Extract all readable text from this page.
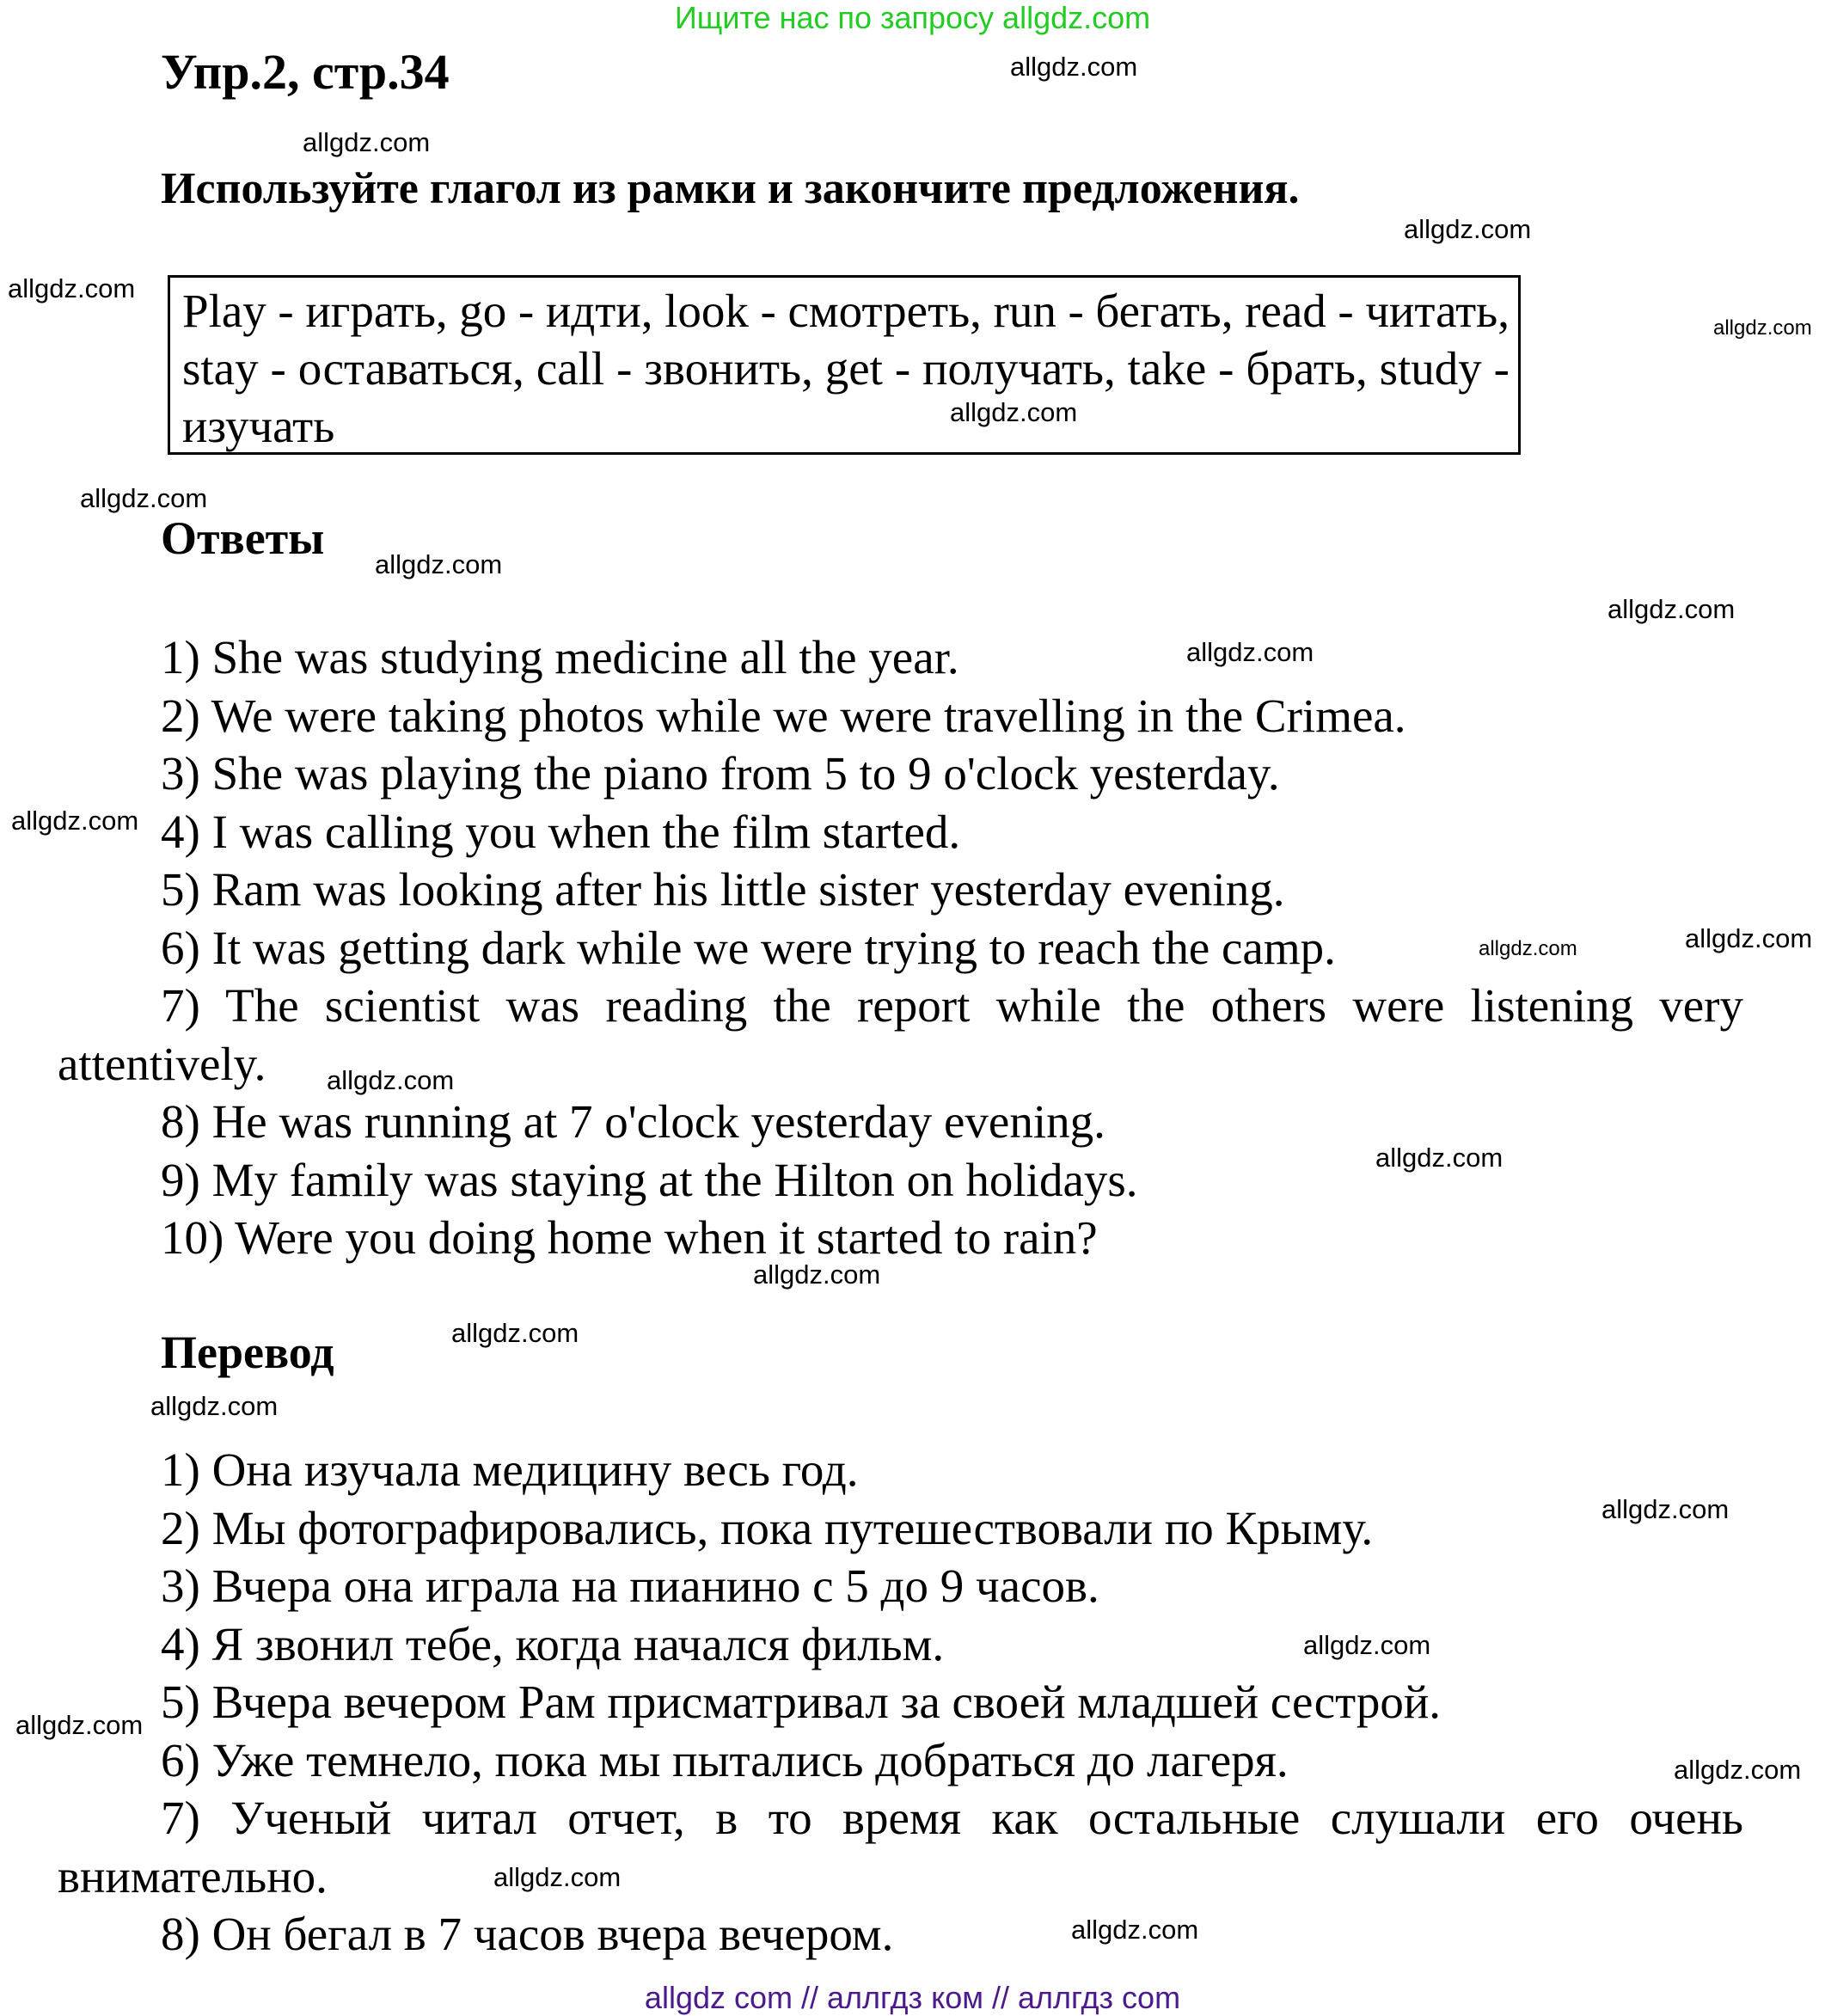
Ищите нас по запросу allgdz.com
Упр.2, стр.34
Используйте глагол из рамки и закончите предложения.
Play - играть, go - идти, look - смотреть, run - бегать, read - читать, stay - оставаться, call - звонить, get - получать, take - брать, study - изучать
Ответы
1) She was studying medicine all the year.
2) We were taking photos while we were travelling in the Crimea.
3) She was playing the piano from 5 to 9 o'clock yesterday.
4) I was calling you when the film started.
5) Ram was looking after his little sister yesterday evening.
6) It was getting dark while we were trying to reach the camp.
7) The scientist was reading the report while the others were listening very attentively.
8) He was running at 7 o'clock yesterday evening.
9) My family was staying at the Hilton on holidays.
10) Were you doing home when it started to rain?
Перевод
1) Она изучала медицину весь год.
2) Мы фотографировались, пока путешествовали по Крыму.
3) Вчера она играла на пианино с 5 до 9 часов.
4) Я звонил тебе, когда начался фильм.
5) Вчера вечером Рам присматривал за своей младшей сестрой.
6) Уже темнело, пока мы пытались добраться до лагеря.
7) Ученый читал отчет, в то время как остальные слушали его очень внимательно.
8) Он бегал в 7 часов вчера вечером.
allgdz.com
allgdz.com
allgdz.com
allgdz.com
allgdz.com
allgdz.com
allgdz.com
allgdz.com
allgdz.com
allgdz.com
allgdz.com
allgdz.com
allgdz.com
allgdz.com
allgdz.com
allgdz.com
allgdz.com
allgdz.com
allgdz.com
allgdz.com
allgdz.com
allgdz.com
allgdz.com
allgdz.com
allgdz com // аллгдз ком // аллгдз com
